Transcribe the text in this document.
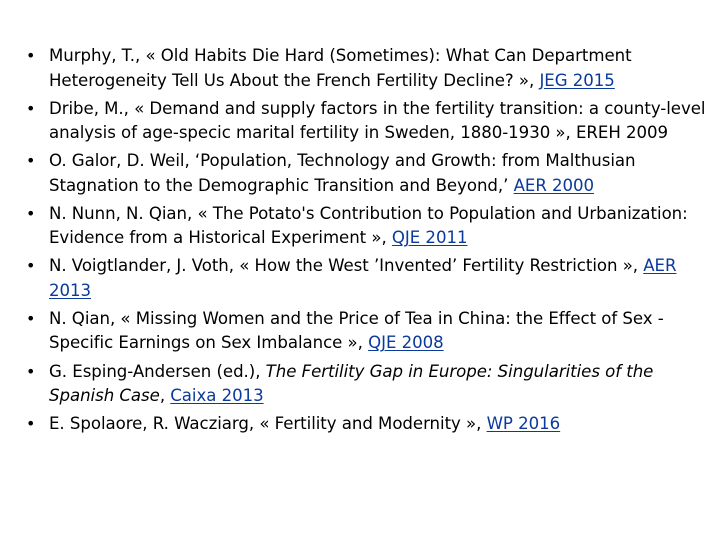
• Murphy, T., « Old Habits Die Hard (Sometimes): What Can Department Heterogeneity Tell Us About the French Fertility Decline? », JEG 2015
• Dribe, M., « Demand and supply factors in the fertility transition: a county-level analysis of age-specic marital fertility in Sweden, 1880-1930 », EREH 2009
• O. Galor, D. Weil, ‘Population, Technology and Growth: from Malthusian Stagnation to the Demographic Transition and Beyond,’ AER 2000
• N. Nunn, N. Qian, « The Potato's Contribution to Population and Urbanization: Evidence from a Historical Experiment », QJE 2011
• N. Voigtlander, J. Voth, « How the West ’Invented’ Fertility Restriction », AER 2013
• N. Qian, « Missing Women and the Price of Tea in China: the Effect of Sex -Specific Earnings on Sex Imbalance », QJE 2008
• G. Esping-Andersen (ed.), The Fertility Gap in Europe: Singularities of the Spanish Case, Caixa 2013
• E. Spolaore, R. Wacziarg, « Fertility and Modernity », WP 2016
